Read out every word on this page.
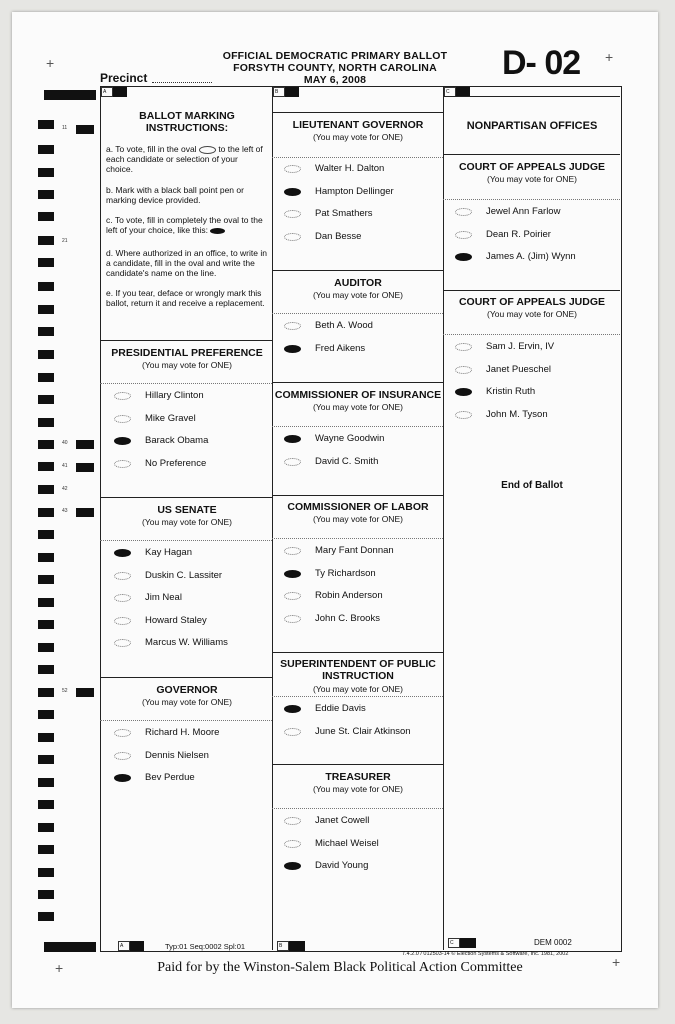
+	+
+	+
OFFICIAL DEMOCRATIC PRIMARY BALLOT
FORSYTH COUNTY, NORTH CAROLINA
MAY 6, 2008	D- 02
Precinct
11
21
40
41
42
43
52
A	B	C
BALLOT MARKING
INSTRUCTIONS:
a. To vote, fill in the oval	to the left of each candidate or selection of your choice.
b. Mark with a black ball point pen or marking device provided.
c. To vote, fill in completely the oval to the left of your choice, like this:
d. Where authorized in an office, to write in a candidate, fill in the oval and write the candidate's name on the line.
e. If you tear, deface or wrongly mark this ballot, return it and receive a replacement.
PRESIDENTIAL PREFERENCE
(You may vote for ONE)
Hillary Clinton
Mike Gravel
Barack Obama
No Preference
US SENATE
(You may vote for ONE)
Kay Hagan
Duskin C. Lassiter
Jim Neal
Howard Staley
Marcus W. Williams
GOVERNOR
(You may vote for ONE)
Richard H. Moore
Dennis Nielsen
Bev Perdue
LIEUTENANT GOVERNOR
(You may vote for ONE)
Walter H. Dalton
Hampton Dellinger
Pat Smathers
Dan Besse
AUDITOR
(You may vote for ONE)
Beth A. Wood
Fred Aikens
COMMISSIONER OF INSURANCE
(You may vote for ONE)
Wayne Goodwin
David C. Smith
COMMISSIONER OF LABOR
(You may vote for ONE)
Mary Fant Donnan
Ty Richardson
Robin Anderson
John C. Brooks
SUPERINTENDENT OF PUBLIC
INSTRUCTION
(You may vote for ONE)
Eddie Davis
June St. Clair Atkinson
TREASURER
(You may vote for ONE)
Janet Cowell
Michael Weisel
David Young
NONPARTISAN OFFICES
COURT OF APPEALS JUDGE
(You may vote for ONE)
Jewel Ann Farlow
Dean R. Poirier
James A. (Jim) Wynn
COURT OF APPEALS JUDGE
(You may vote for ONE)
Sam J. Ervin, IV
Janet Pueschel
Kristin Ruth
John M. Tyson
End of Ballot
A	Typ:01 Seq:0002 Spl:01	B	C	DEM 0002
7.4.2.0 / 012503-14 © Election Systems & Software, Inc. 1981, 2002
Paid for by the Winston-Salem Black Political Action Committee
